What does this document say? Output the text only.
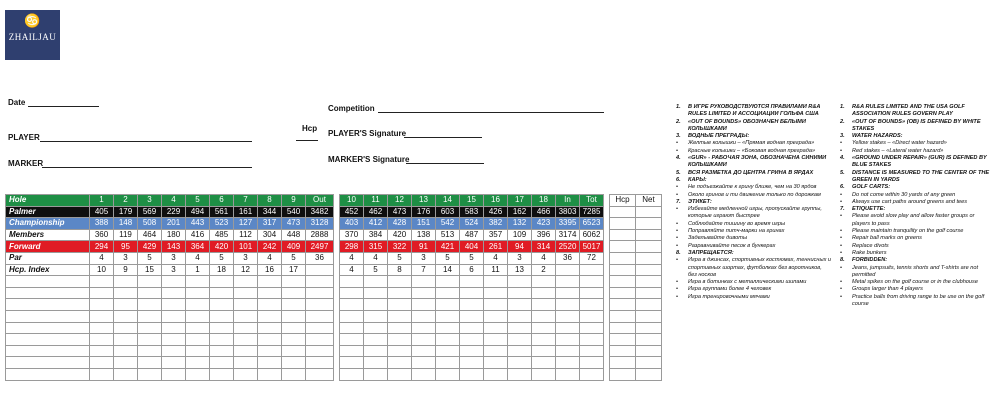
♋
ZHAILJAU
Date
PLAYER
MARKER
Hcp
Competition
PLAYER'S Signature
MARKER'S Signature
Hole	1	2	3	4	5	6	7	8	9	Out		10	11	12	13	14	15	16	17	18	In	Tot		Hcp	Net
Palmer	405	179	569	229	494	561	161	344	540	3482		452	462	473	176	603	583	426	162	466	3803	7285			
Championship	388	148	508	201	443	523	127	317	473	3128		403	412	428	151	542	524	382	132	423	3395	6523			
Members	360	119	464	180	416	485	112	304	448	2888		370	384	420	138	513	487	357	109	396	3174	6062			
Forward	294	95	429	143	364	420	101	242	409	2497		298	315	322	91	421	404	261	94	314	2520	5017			
Par	4	3	5	3	4	5	3	4	5	36		4	4	5	3	5	5	4	3	4	36	72			
Hcp. Index	10	9	15	3	1	18	12	16	17			4	5	8	7	14	6	11	13	2					

1.	В ИГРЕ РУКОВОДСТВУЮТСЯ ПРАВИЛАМИ R&A RULES LIMITED И АССОЦИАЦИИ ГОЛЬФА США
2.	«OUT OF BOUNDS» ОБОЗНАЧЕН БЕЛЫМИ КОЛЫШКАМИ
3.	ВОДНЫЕ ПРЕГРАДЫ:
•	Желтые колышки – «Прямая водная преграда»
•	Красные колышки – «Боковая водная преграда»
4.	«GUR» - РАБОЧАЯ ЗОНА, ОБОЗНАЧЕНА СИНИМИ КОЛЫШКАМИ
5.	ВСЯ РАЗМЕТКА ДО ЦЕНТРА ГРИНА В ЯРДАХ
6.	КАРЫ:
•	Не подъезжайте к грину ближе, чем на 30 ярдов
•	Около гринов и ти движение только по дорожкам
7.	ЭТИКЕТ:
•	Избегайте медленной игры, пропускайте группы, которые играют быстрее
•	Соблюдайте тишину во время игры
•	Поправляйте питч-марки на гринах
•	Заделывайте дивоты
•	Разравнивайте песок в бункерах
8.	ЗАПРЕЩАЕТСЯ:
•	Игра в джинсах, спортивных костюмах, теннисных и спортивных шортах, футболках без воротников, без носков
•	Игра в ботинках с металлическими шипами
•	Игра группами более 4 человек
•	Игра тренировочными мячами
1.	R&A RULES LIMITED AND THE USA GOLF ASSOCIATION RULES GOVERN PLAY
2.	«OUT OF BOUNDS» (OB) IS DEFINED BY WHITE STAKES
3.	WATER HAZARDS:
•	Yellow stakes – «Direct water hazard»
•	Red stakes – «Lateral water hazard»
4.	«GROUND UNDER REPAIR» (GUR) IS DEFINED BY BLUE STAKES
5.	DISTANCE IS MEASURED TO THE CENTER OF THE GREEN IN YARDS
6.	GOLF CARTS:
•	Do not come within 30 yards of any green
•	Always use cart paths around greens and tees
7.	ETIQUETTE:
•	Please avoid slow play and allow faster groups or players to pass
•	Please maintain tranquility on the golf course
•	Repair ball marks on greens
•	Replace divots
•	Rake bunkers
8.	FORBIDDEN:
•	Jeans, jumpsuits, tennis shorts and T-shirts are not permitted
•	Metal spikes on the golf course or in the clubhouse
•	Groups larger than 4 players
•	Practice balls from driving range to be use on the golf course
